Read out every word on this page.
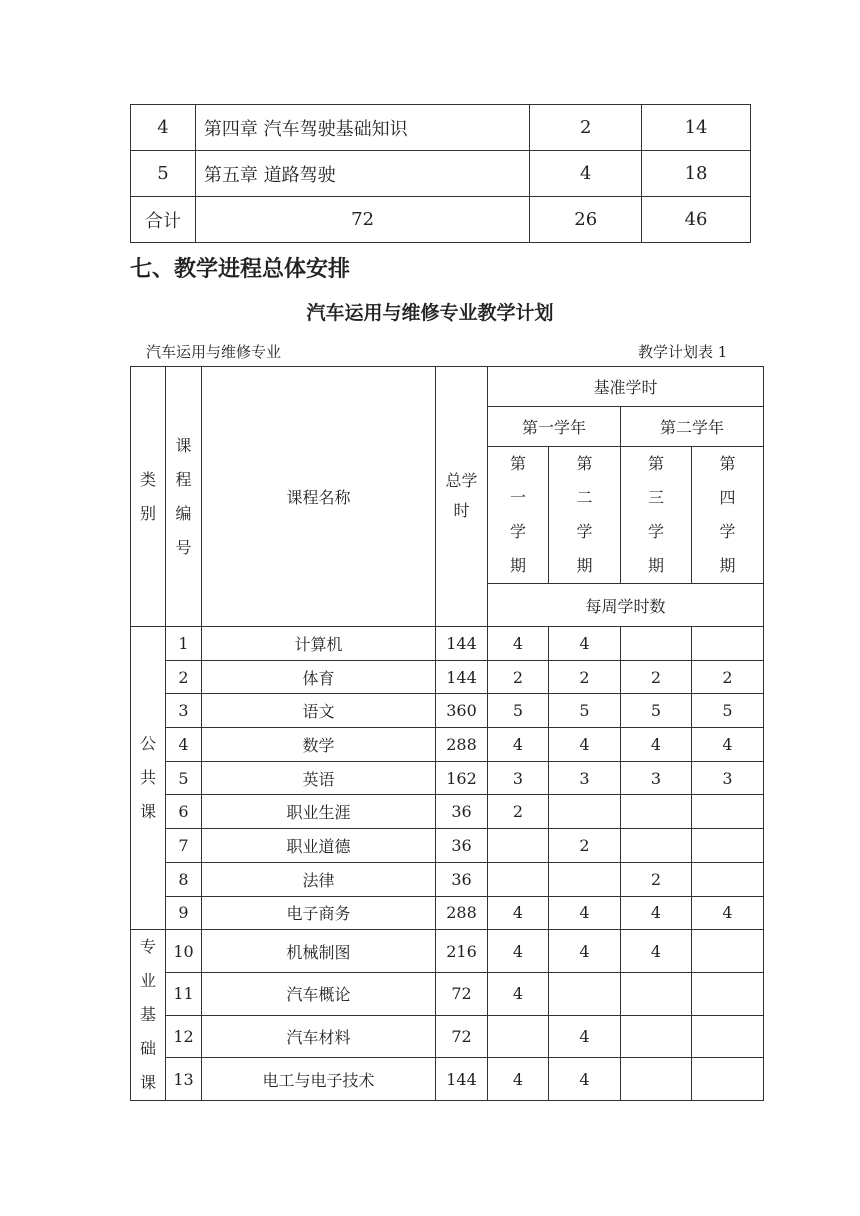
4	第四章 汽车驾驶基础知识	2	14
5	第五章 道路驾驶	4	18
合计	72	26	46
七、教学进程总体安排
汽车运用与维修专业教学计划
汽车运用与维修专业	教学计划表 1
类别	课程编号	课程名称	总学时	基准学时			
				第一学年		第二学年	
				第一学期	第二学期	第三学期	第四学期
				每周学时数			
公共课	1	计算机	144	4	4		
	2	体育	144	2	2	2	2
	3	语文	360	5	5	5	5
	4	数学	288	4	4	4	4
	5	英语	162	3	3	3	3
	6	职业生涯	36	2			
	7	职业道德	36		2		
	8	法律	36			2	
	9	电子商务	288	4	4	4	4
专业基础课	10	机械制图	216	4	4	4	
	11	汽车概论	72	4			
	12	汽车材料	72		4		
	13	电工与电子技术	144	4	4		
